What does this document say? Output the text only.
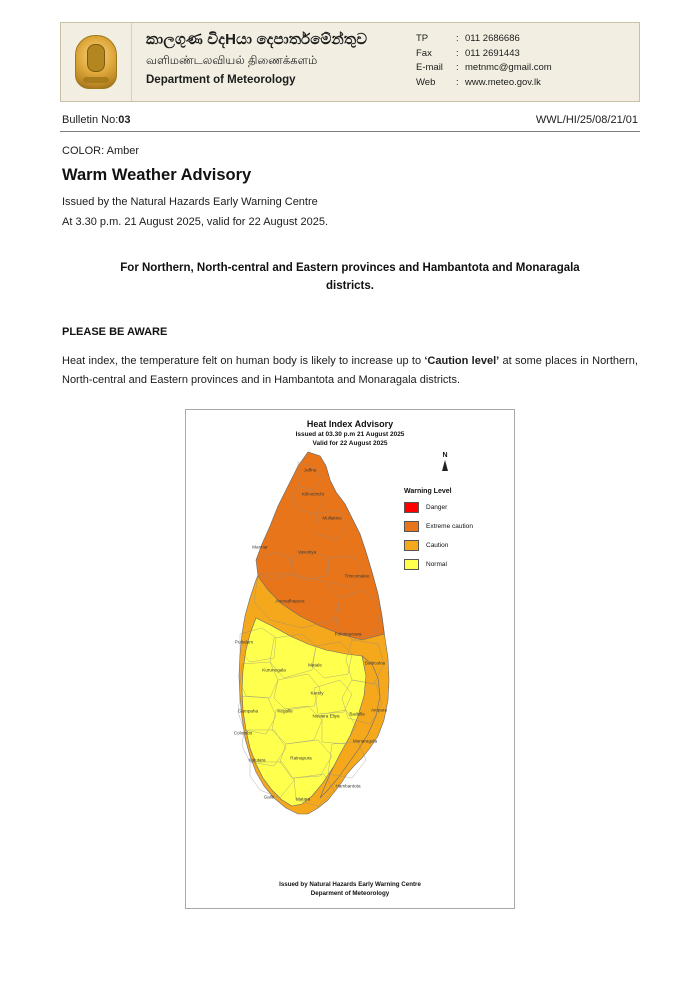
කාලගුණ විදHයා දෙපාර්තමේන්තුව
வளிமண்டலவியல் திணைக்களம்
Department of Meteorology
TP	: 011 2686686
Fax	: 011 2691443
E-mail	: metnmc@gmail.com
Web	: www.meteo.gov.lk
Bulletin No:03	WWL/HI/25/08/21/01
COLOR: Amber
Warm Weather Advisory
Issued by the Natural Hazards Early Warning Centre
At 3.30 p.m. 21 August 2025, valid for 22 August 2025.
For Northern, North-central and Eastern provinces and Hambantota and Monaragala districts.
PLEASE BE AWARE
Heat index, the temperature felt on human body is likely to increase up to ‘Caution level’ at some places in Northern, North-central and Eastern provinces and in Hambantota and Monaragala districts.
Heat Index Advisory
Issued at 03.30 p.m 21 August 2025
Valid for 22 August 2025
N
Warning Level
Danger
Extreme caution
Caution
Normal
Jaffna
Kilinochchi
Mullaitivu
Mannar
Vavuniya
Trincomalee
Anuradhapura
Puttalam
Polonnaruwa
Batticaloa
Kurunegala
Matale
Kandy
Ampara
Gampaha	Kegalle
Nuwara Eliya Badulla
Colombo
Monaragala
Kalutara	Ratnapura
Hambantota
Galle	Matara
Issued by Natural Hazards Early Warning Centre
Deparment of Meteorology
